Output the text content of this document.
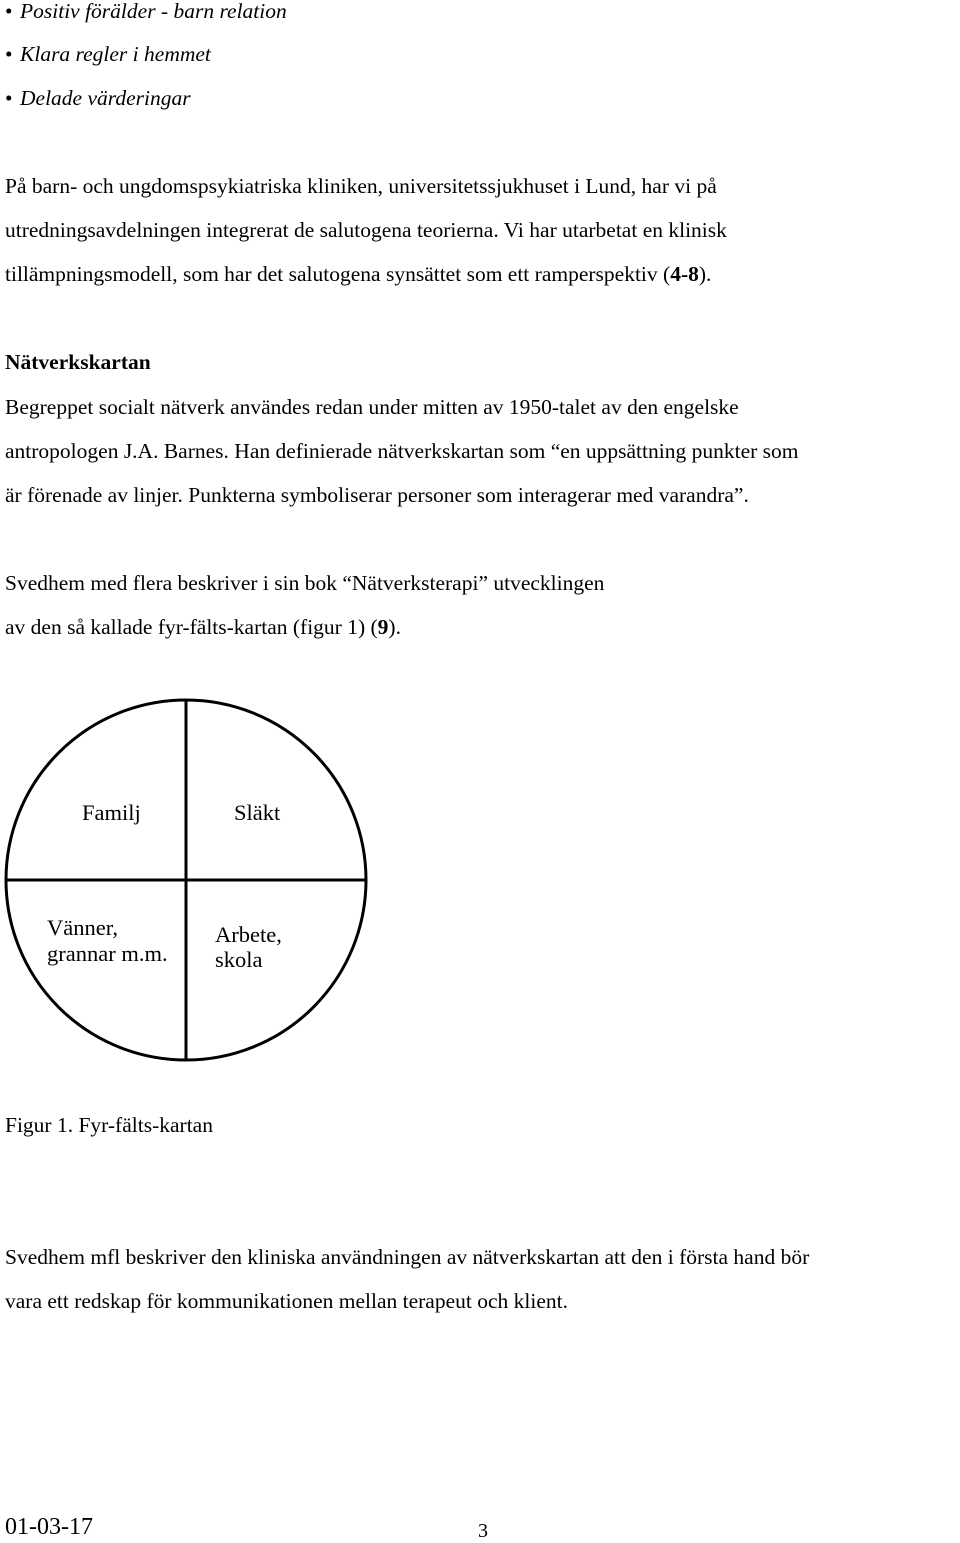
• Positiv förälder - barn relation
• Klara regler i hemmet
• Delade värderingar
På barn- och ungdomspsykiatriska kliniken, universitetssjukhuset i Lund, har vi på
utredningsavdelningen integrerat de salutogena teorierna. Vi har utarbetat en klinisk
tillämpningsmodell, som har det salutogena synsättet som ett ramperspektiv (4-8).
Nätverkskartan
Begreppet socialt nätverk användes redan under mitten av 1950-talet av den engelske
antropologen J.A. Barnes. Han definierade nätverkskartan som “en uppsättning punkter som
är förenade av linjer. Punkterna symboliserar personer som interagerar med varandra”.
Svedhem med flera beskriver i sin bok “Nätverksterapi” utvecklingen
av den så kallade fyr-fälts-kartan (figur 1) (9).
Familj	Släkt
Vänner,
grannar m.m.
Arbete,
skola
Figur 1. Fyr-fälts-kartan
Svedhem mfl beskriver den kliniska användningen av nätverkskartan att den i första hand bör
vara ett redskap för kommunikationen mellan terapeut och klient.
01-03-17	3
